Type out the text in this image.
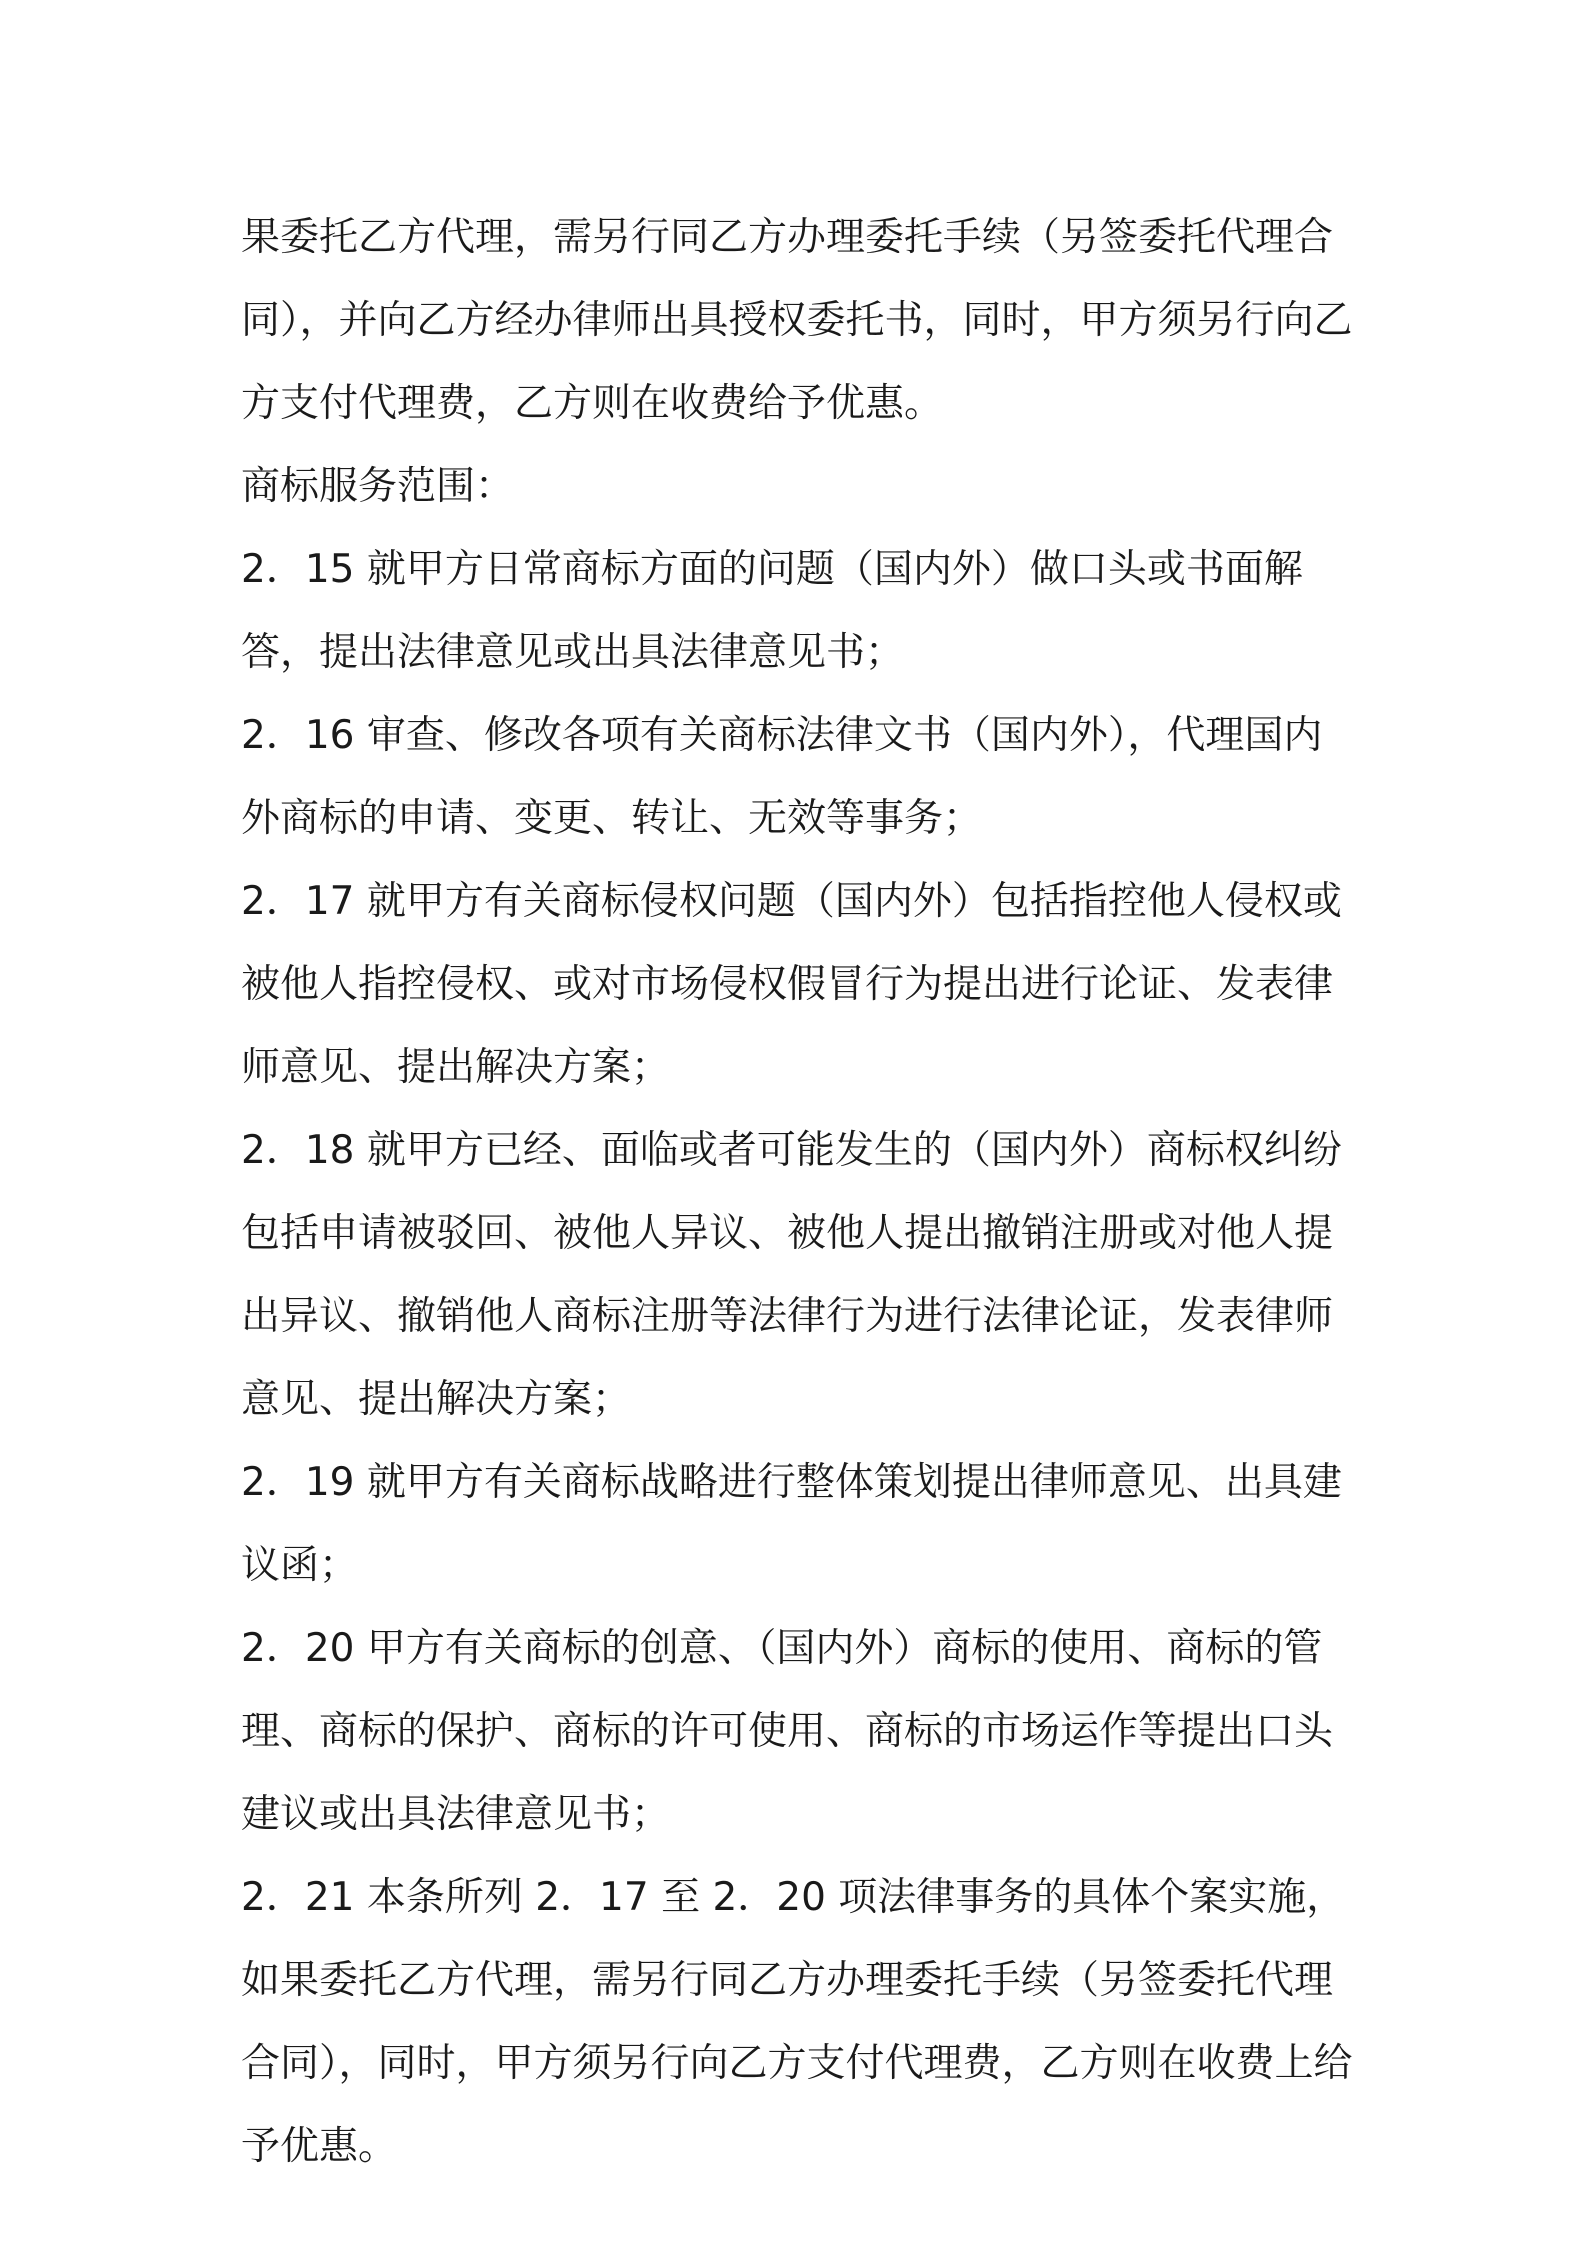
果委托乙方代理，需另行同乙方办理委托手续（另签委托代理合同），并向乙方经办律师出具授权委托书，同时，甲方须另行向乙方支付代理费，乙方则在收费给予优惠。

商标服务范围：

2．15 就甲方日常商标方面的问题（国内外）做口头或书面解答，提出法律意见或出具法律意见书；

2．16 审查、修改各项有关商标法律文书（国内外），代理国内外商标的申请、变更、转让、无效等事务；

2．17 就甲方有关商标侵权问题（国内外）包括指控他人侵权或被他人指控侵权、或对市场侵权假冒行为提出进行论证、发表律师意见、提出解决方案；

2．18 就甲方已经、面临或者可能发生的（国内外）商标权纠纷包括申请被驳回、被他人异议、被他人提出撤销注册或对他人提出异议、撤销他人商标注册等法律行为进行法律论证，发表律师意见、提出解决方案；

2．19 就甲方有关商标战略进行整体策划提出律师意见、出具建议函；

2．20 甲方有关商标的创意、（国内外）商标的使用、商标的管理、商标的保护、商标的许可使用、商标的市场运作等提出口头建议或出具法律意见书；

2．21 本条所列 2．17 至 2．20 项法律事务的具体个案实施，如果委托乙方代理，需另行同乙方办理委托手续（另签委托代理合同），同时，甲方须另行向乙方支付代理费，乙方则在收费上给予优惠。
